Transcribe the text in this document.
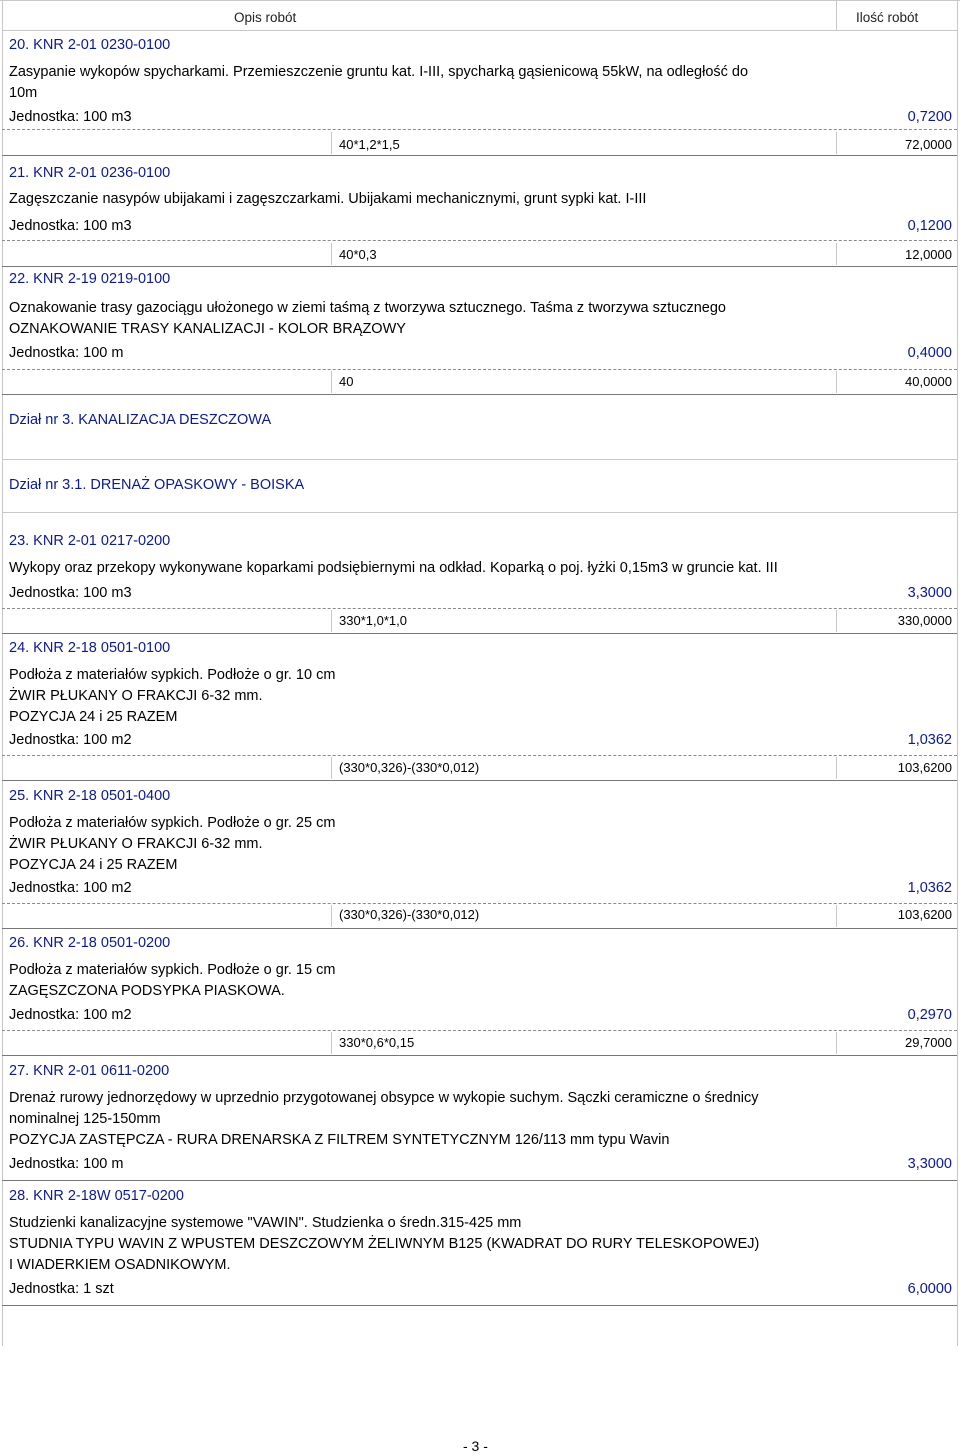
Opis robót	Ilość robót
20. KNR 2-01 0230-0100
Zasypanie wykopów spycharkami. Przemieszczenie gruntu kat. I-III, spycharką gąsienicową 55kW, na odległość do
10m
Jednostka: 100 m3	0,7200
40*1,2*1,5	72,0000
21. KNR 2-01 0236-0100
Zagęszczanie nasypów ubijakami i zagęszczarkami. Ubijakami mechanicznymi, grunt sypki kat. I-III
Jednostka: 100 m3	0,1200
40*0,3	12,0000
22. KNR 2-19 0219-0100
Oznakowanie trasy gazociągu ułożonego w ziemi taśmą z tworzywa sztucznego. Taśma z tworzywa sztucznego
OZNAKOWANIE TRASY KANALIZACJI - KOLOR BRĄZOWY
Jednostka: 100 m	0,4000
40	40,0000
Dział nr 3. KANALIZACJA DESZCZOWA
Dział nr 3.1. DRENAŻ OPASKOWY - BOISKA
23. KNR 2-01 0217-0200
Wykopy oraz przekopy wykonywane koparkami podsiębiernymi na odkład. Koparką o poj. łyżki 0,15m3 w gruncie kat. III
Jednostka: 100 m3	3,3000
330*1,0*1,0	330,0000
24. KNR 2-18 0501-0100
Podłoża z materiałów sypkich. Podłoże o gr. 10 cm
ŻWIR PŁUKANY O FRAKCJI 6-32 mm.
POZYCJA 24 i 25 RAZEM
Jednostka: 100 m2	1,0362
(330*0,326)-(330*0,012)	103,6200
25. KNR 2-18 0501-0400
Podłoża z materiałów sypkich. Podłoże o gr. 25 cm
ŻWIR PŁUKANY O FRAKCJI 6-32 mm.
POZYCJA 24 i 25 RAZEM
Jednostka: 100 m2	1,0362
(330*0,326)-(330*0,012)	103,6200
26. KNR 2-18 0501-0200
Podłoża z materiałów sypkich. Podłoże o gr. 15 cm
ZAGĘSZCZONA PODSYPKA PIASKOWA.
Jednostka: 100 m2	0,2970
330*0,6*0,15	29,7000
27. KNR 2-01 0611-0200
Drenaż rurowy jednorzędowy w uprzednio przygotowanej obsypce w wykopie suchym. Sączki ceramiczne o średnicy
nominalnej 125-150mm
POZYCJA ZASTĘPCZA - RURA DRENARSKA Z FILTREM SYNTETYCZNYM 126/113 mm typu Wavin
Jednostka: 100 m	3,3000
28. KNR 2-18W 0517-0200
Studzienki kanalizacyjne systemowe "VAWIN". Studzienka o średn.315-425 mm
STUDNIA TYPU WAVIN Z WPUSTEM DESZCZOWYM ŻELIWNYM B125 (KWADRAT DO RURY TELESKOPOWEJ)
I WIADERKIEM OSADNIKOWYM.
Jednostka: 1 szt	6,0000
- 3 -
